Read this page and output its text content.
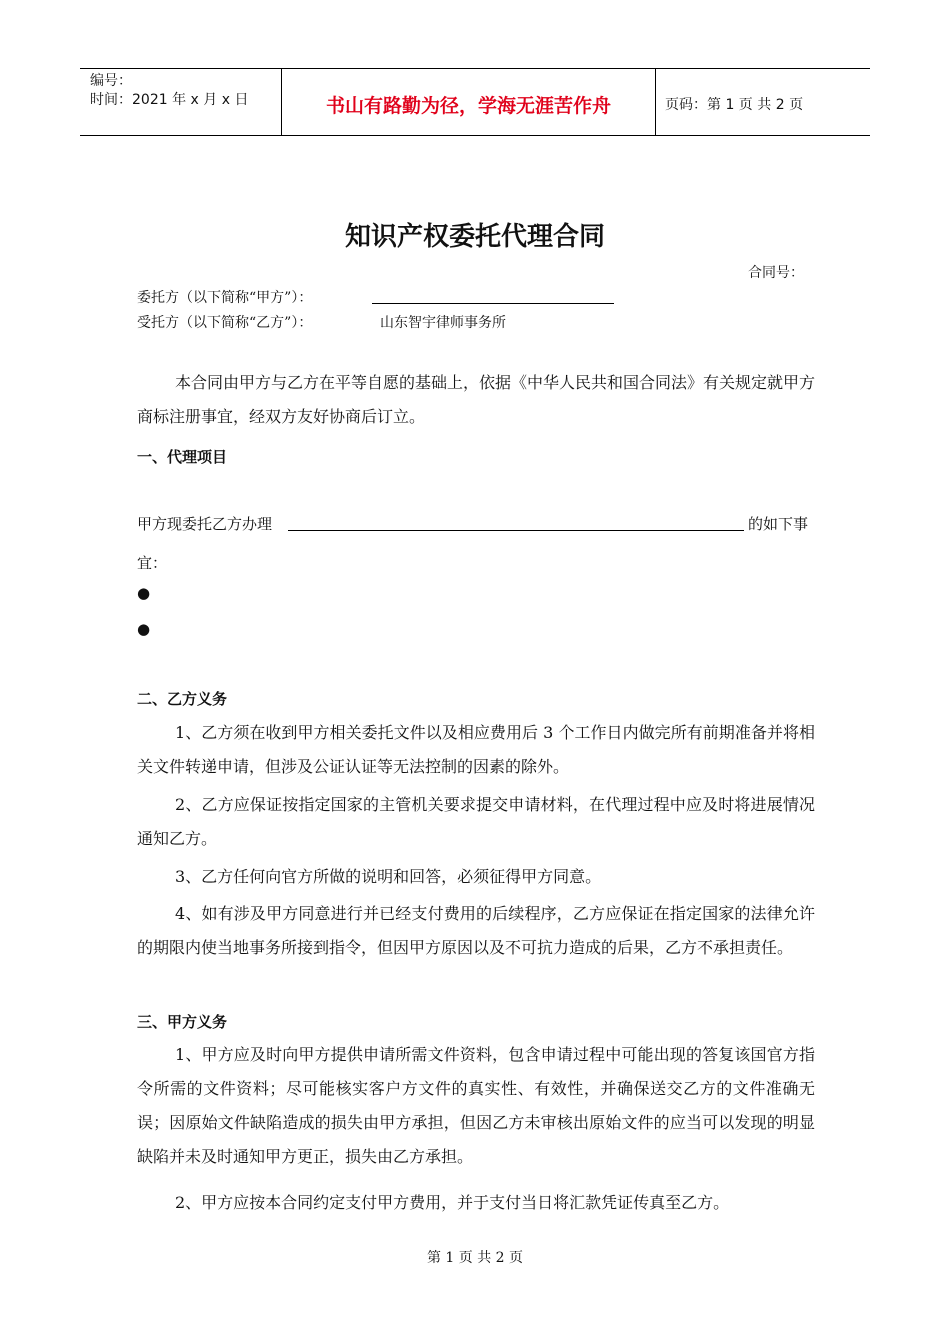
编号：
时间：2021 年 x 月 x 日	书山有路勤为径，学海无涯苦作舟	页码：第 1 页 共 2 页
知识产权委托代理合同
合同号：
委托方（以下简称“甲方”）：
受托方（以下简称“乙方”）：	山东智宇律师事务所
本合同由甲方与乙方在平等自愿的基础上，依据《中华人民共和国合同法》有关规定就甲方商标注册事宜，经双方友好协商后订立。
一、代理项目
甲方现委托乙方办理	的如下事
宜：
●
●
二、乙方义务
1、乙方须在收到甲方相关委托文件以及相应费用后 3 个工作日内做完所有前期准备并将相关文件转递申请，但涉及公证认证等无法控制的因素的除外。
2、乙方应保证按指定国家的主管机关要求提交申请材料，在代理过程中应及时将进展情况通知乙方。
3、乙方任何向官方所做的说明和回答，必须征得甲方同意。
4、如有涉及甲方同意进行并已经支付费用的后续程序，乙方应保证在指定国家的法律允许的期限内使当地事务所接到指令，但因甲方原因以及不可抗力造成的后果，乙方不承担责任。
三、甲方义务
1、甲方应及时向甲方提供申请所需文件资料，包含申请过程中可能出现的答复该国官方指令所需的文件资料；尽可能核实客户方文件的真实性、有效性，并确保送交乙方的文件准确无误；因原始文件缺陷造成的损失由甲方承担，但因乙方未审核出原始文件的应当可以发现的明显缺陷并未及时通知甲方更正，损失由乙方承担。
2、甲方应按本合同约定支付甲方费用，并于支付当日将汇款凭证传真至乙方。
第 1 页 共 2 页
